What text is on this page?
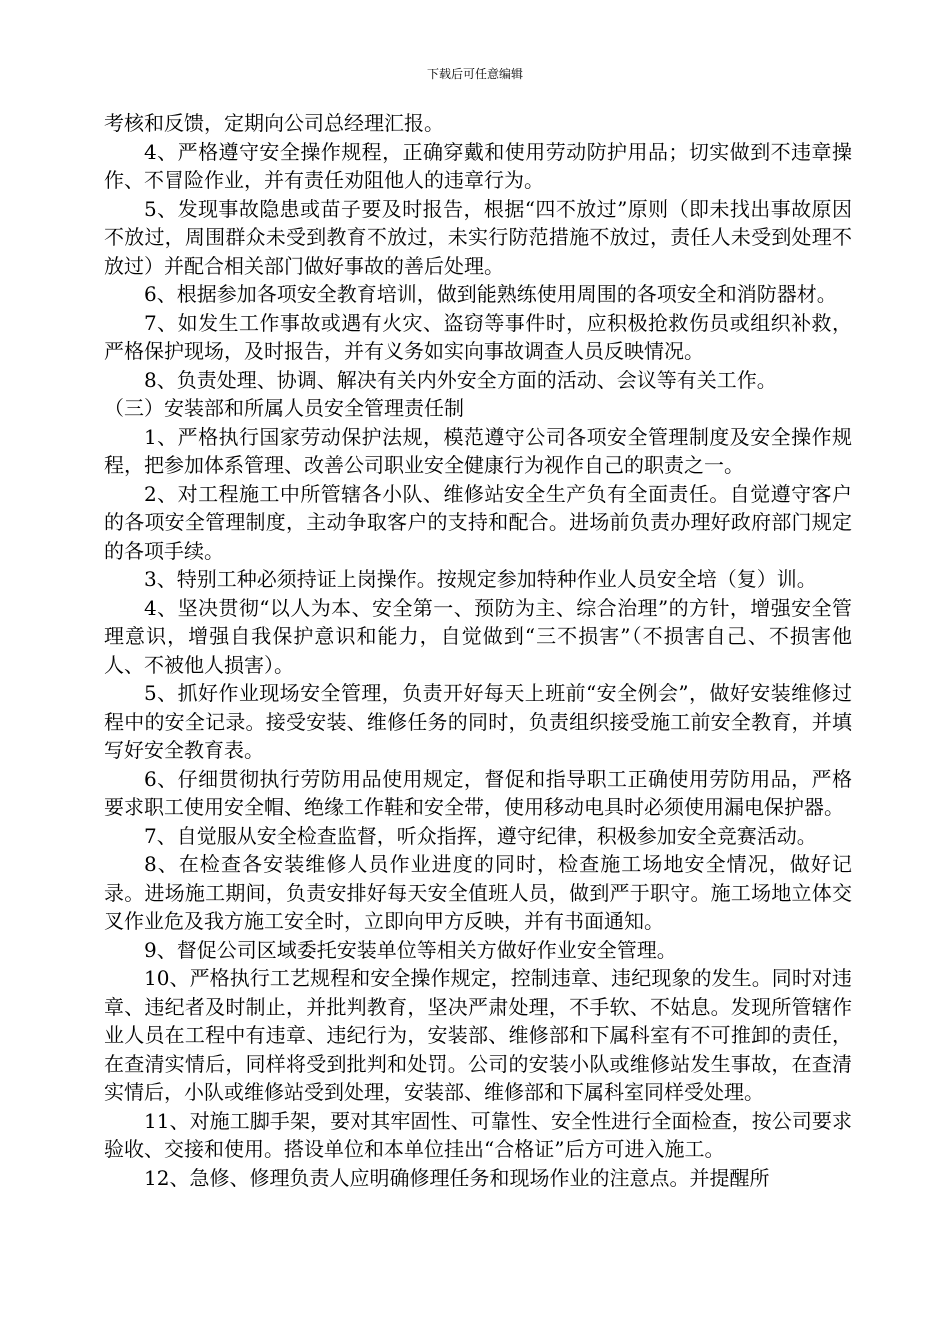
下载后可任意编辑

考核和反馈，定期向公司总经理汇报。

4、严格遵守安全操作规程，正确穿戴和使用劳动防护用品；切实做到不违章操作、不冒险作业，并有责任劝阻他人的违章行为。

5、发现事故隐患或苗子要及时报告，根据“四不放过”原则（即未找出事故原因不放过，周围群众未受到教育不放过，未实行防范措施不放过，责任人未受到处理不放过）并配合相关部门做好事故的善后处理。

6、根据参加各项安全教育培训，做到能熟练使用周围的各项安全和消防器材。

7、如发生工作事故或遇有火灾、盗窃等事件时，应积极抢救伤员或组织补救，严格保护现场，及时报告，并有义务如实向事故调查人员反映情况。

8、负责处理、协调、解决有关内外安全方面的活动、会议等有关工作。

（三）安装部和所属人员安全管理责任制

1、严格执行国家劳动保护法规，模范遵守公司各项安全管理制度及安全操作规程，把参加体系管理、改善公司职业安全健康行为视作自己的职责之一。

2、对工程施工中所管辖各小队、维修站安全生产负有全面责任。自觉遵守客户的各项安全管理制度，主动争取客户的支持和配合。进场前负责办理好政府部门规定的各项手续。

3、特别工种必须持证上岗操作。按规定参加特种作业人员安全培（复）训。

4、坚决贯彻“以人为本、安全第一、预防为主、综合治理”的方针，增强安全管理意识，增强自我保护意识和能力，自觉做到“三不损害”（不损害自己、不损害他人、不被他人损害）。

5、抓好作业现场安全管理，负责开好每天上班前“安全例会”，做好安装维修过程中的安全记录。接受安装、维修任务的同时，负责组织接受施工前安全教育，并填写好安全教育表。

6、仔细贯彻执行劳防用品使用规定，督促和指导职工正确使用劳防用品，严格要求职工使用安全帽、绝缘工作鞋和安全带，使用移动电具时必须使用漏电保护器。

7、自觉服从安全检查监督，听众指挥，遵守纪律，积极参加安全竞赛活动。

8、在检查各安装维修人员作业进度的同时，检查施工场地安全情况，做好记录。进场施工期间，负责安排好每天安全值班人员，做到严于职守。施工场地立体交叉作业危及我方施工安全时，立即向甲方反映，并有书面通知。

9、督促公司区域委托安装单位等相关方做好作业安全管理。

10、严格执行工艺规程和安全操作规定，控制违章、违纪现象的发生。同时对违章、违纪者及时制止，并批判教育，坚决严肃处理，不手软、不姑息。发现所管辖作业人员在工程中有违章、违纪行为，安装部、维修部和下属科室有不可推卸的责任，在查清实情后，同样将受到批判和处罚。公司的安装小队或维修站发生事故，在查清实情后，小队或维修站受到处理，安装部、维修部和下属科室同样受处理。

11、对施工脚手架，要对其牢固性、可靠性、安全性进行全面检查，按公司要求验收、交接和使用。搭设单位和本单位挂出“合格证”后方可进入施工。

12、急修、修理负责人应明确修理任务和现场作业的注意点。并提醒所
